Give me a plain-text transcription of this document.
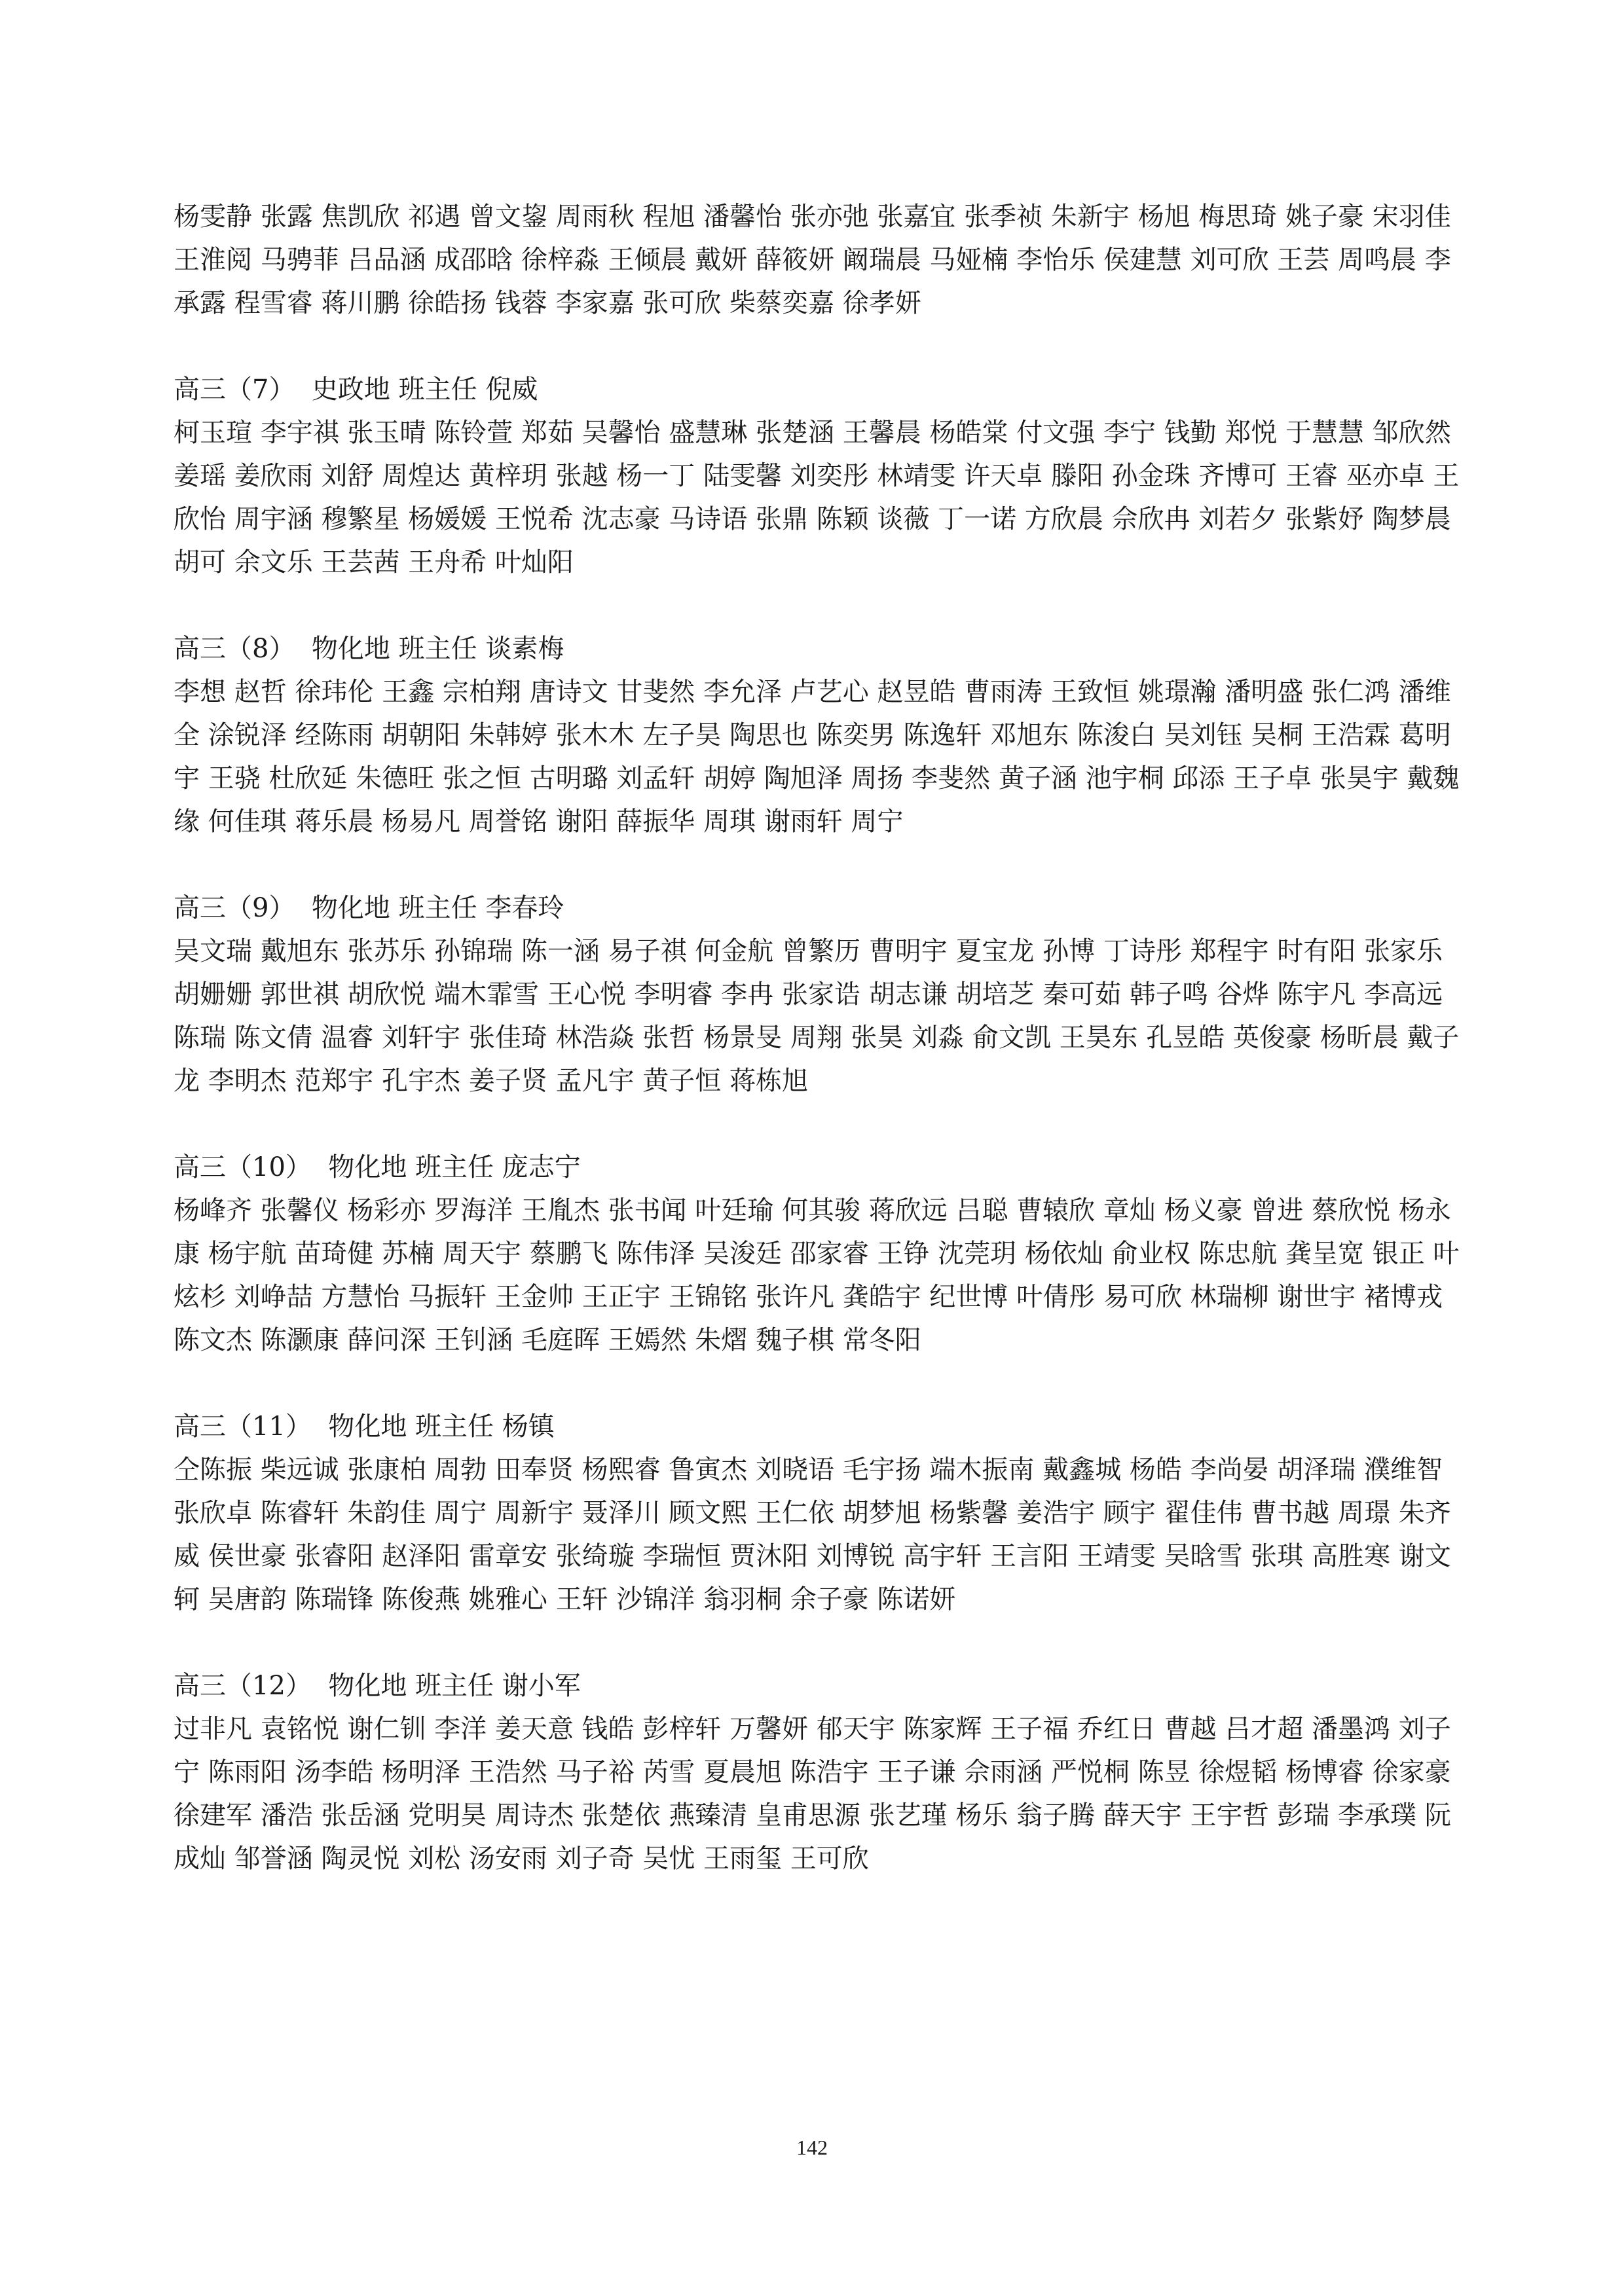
杨雯静 张露 焦凯欣 祁遇 曾文鋆 周雨秋 程旭 潘馨怡 张亦弛 张嘉宜 张季祯 朱新宇 杨旭 梅思琦 姚子豪 宋羽佳 王淮阅 马骋菲 吕品涵 成邵晗 徐梓淼 王倾晨 戴妍 薛筱妍 阚瑞晨 马娅楠 李怡乐 侯建慧 刘可欣 王芸 周鸣晨 李承露 程雪睿 蒋川鹏 徐皓扬 钱蓉 李家嘉 张可欣 柴蔡奕嘉 徐孝妍
高三（7） 史政地 班主任 倪威
柯玉瑄 李宇祺 张玉晴 陈铃萱 郑茹 吴馨怡 盛慧琳 张楚涵 王馨晨 杨皓棠 付文强 李宁 钱勤 郑悦 于慧慧 邹欣然 姜瑶 姜欣雨 刘舒 周煌达 黄梓玥 张越 杨一丁 陆雯馨 刘奕彤 林靖雯 许天卓 滕阳 孙金珠 齐博可 王睿 巫亦卓 王欣怡 周宇涵 穆繁星 杨媛媛 王悦希 沈志豪 马诗语 张鼎 陈颖 谈薇 丁一诺 方欣晨 佘欣冉 刘若夕 张紫妤 陶梦晨 胡可 余文乐 王芸茜 王舟希 叶灿阳
高三（8） 物化地 班主任 谈素梅
李想 赵哲 徐玮伦 王鑫 宗柏翔 唐诗文 甘斐然 李允泽 卢艺心 赵昱皓 曹雨涛 王致恒 姚璟瀚 潘明盛 张仁鸿 潘维全 涂锐泽 经陈雨 胡朝阳 朱韩婷 张木木 左子昊 陶思也 陈奕男 陈逸轩 邓旭东 陈浚白 吴刘钰 吴桐 王浩霖 葛明宇 王骁 杜欣延 朱德旺 张之恒 古明璐 刘孟轩 胡婷 陶旭泽 周扬 李斐然 黄子涵 池宇桐 邱添 王子卓 张昊宇 戴魏缘 何佳琪 蒋乐晨 杨易凡 周誉铭 谢阳 薛振华 周琪 谢雨轩 周宁
高三（9） 物化地 班主任 李春玲
吴文瑞 戴旭东 张苏乐 孙锦瑞 陈一涵 易子祺 何金航 曾繁历 曹明宇 夏宝龙 孙博 丁诗彤 郑程宇 时有阳 张家乐 胡姗姗 郭世祺 胡欣悦 端木霏雪 王心悦 李明睿 李冉 张家诰 胡志谦 胡培芝 秦可茹 韩子鸣 谷烨 陈宇凡 李高远 陈瑞 陈文倩 温睿 刘轩宇 张佳琦 林浩焱 张哲 杨景旻 周翔 张昊 刘淼 俞文凯 王昊东 孔昱皓 英俊豪 杨昕晨 戴子龙 李明杰 范郑宇 孔宇杰 姜子贤 孟凡宇 黄子恒 蒋栋旭
高三（10） 物化地 班主任 庞志宁
杨峰齐 张馨仪 杨彩亦 罗海洋 王胤杰 张书闻 叶廷瑜 何其骏 蒋欣远 吕聪 曹辕欣 章灿 杨义豪 曾进 蔡欣悦 杨永康 杨宇航 苗琦健 苏楠 周天宇 蔡鹏飞 陈伟泽 吴浚廷 邵家睿 王铮 沈莞玥 杨依灿 俞业权 陈忠航 龚呈宽 银正 叶炫杉 刘峥喆 方慧怡 马振轩 王金帅 王正宇 王锦铭 张许凡 龚皓宇 纪世博 叶倩彤 易可欣 林瑞柳 谢世宇 褚博戎 陈文杰 陈灏康 薛问深 王钊涵 毛庭晖 王嫣然 朱熠 魏子棋 常冬阳
高三（11） 物化地 班主任 杨镇
仝陈振 柴远诚 张康柏 周勃 田奉贤 杨熙睿 鲁寅杰 刘晓语 毛宇扬 端木振南 戴鑫城 杨皓 李尚晏 胡泽瑞 濮维智 张欣卓 陈睿轩 朱韵佳 周宁 周新宇 聂泽川 顾文熙 王仁依 胡梦旭 杨紫馨 姜浩宇 顾宇 翟佳伟 曹书越 周璟 朱齐威 侯世豪 张睿阳 赵泽阳 雷章安 张绮璇 李瑞恒 贾沐阳 刘博锐 高宇轩 王言阳 王靖雯 吴晗雪 张琪 高胜寒 谢文轲 吴唐韵 陈瑞锋 陈俊燕 姚雅心 王轩 沙锦洋 翁羽桐 余子豪 陈诺妍
高三（12） 物化地 班主任 谢小军
过非凡 袁铭悦 谢仁钏 李洋 姜天意 钱皓 彭梓轩 万馨妍 郁天宇 陈家辉 王子福 乔红日 曹越 吕才超 潘墨鸿 刘子宁 陈雨阳 汤李皓 杨明泽 王浩然 马子裕 芮雪 夏晨旭 陈浩宇 王子谦 佘雨涵 严悦桐 陈昱 徐煜韬 杨博睿 徐家豪 徐建军 潘浩 张岳涵 党明昊 周诗杰 张楚依 燕臻清 皇甫思源 张艺瑾 杨乐 翁子腾 薛天宇 王宇哲 彭瑞 李承璞 阮成灿 邹誉涵 陶灵悦 刘松 汤安雨 刘子奇 吴忧 王雨玺 王可欣
142
